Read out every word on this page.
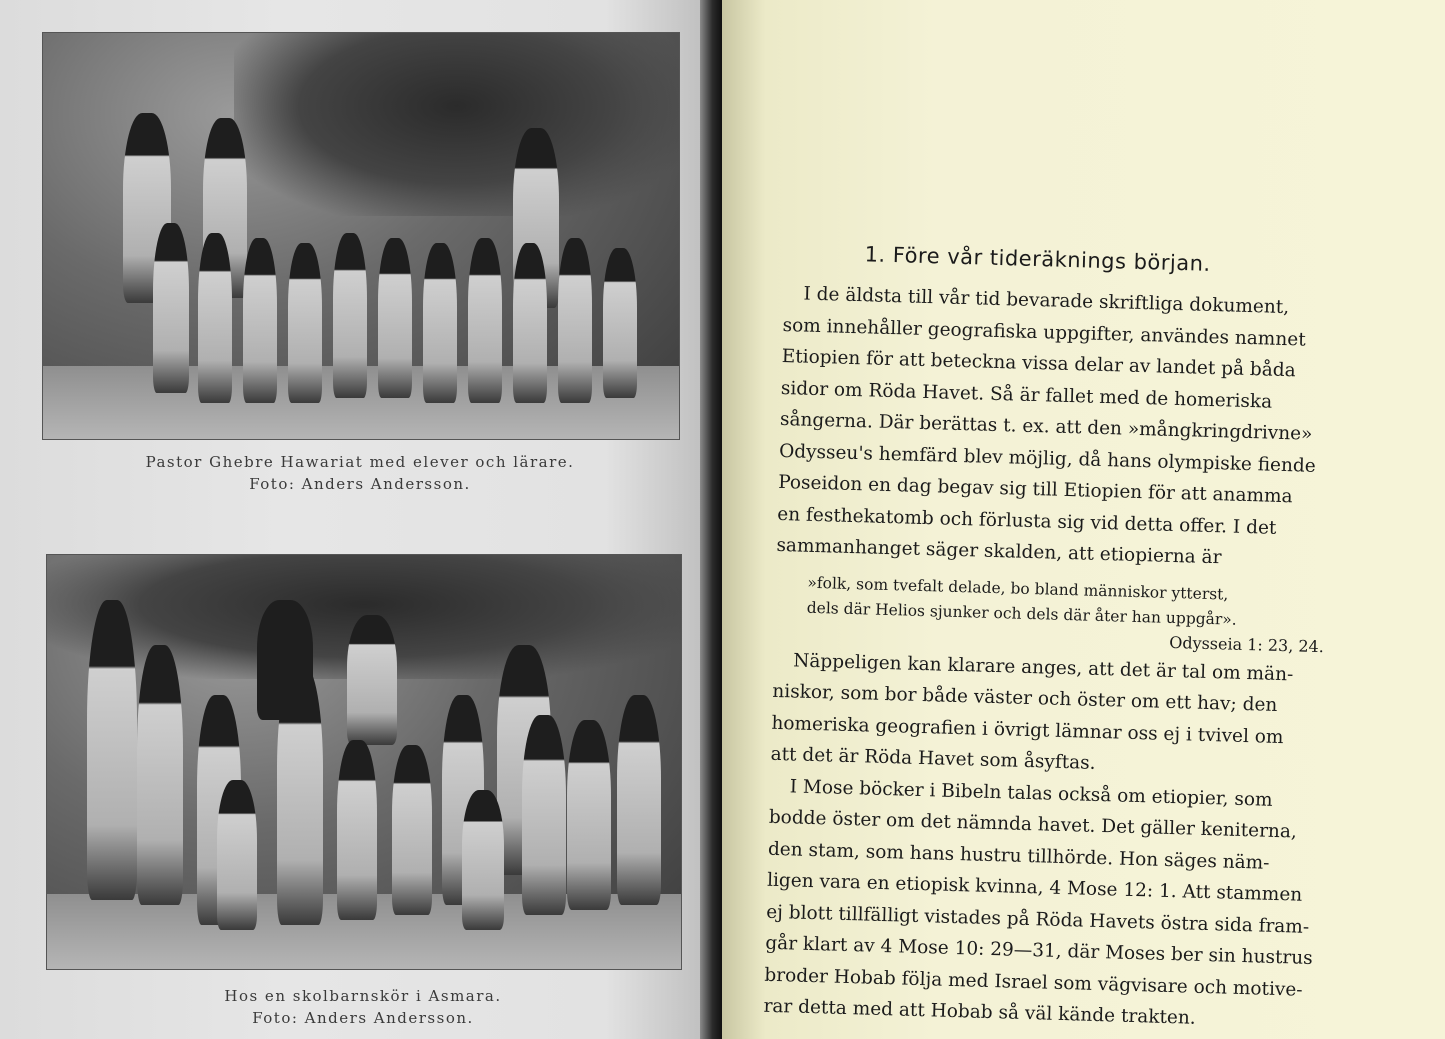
Pastor Ghebre Hawariat med elever och lärare.
Foto: Anders Andersson.
Hos en skolbarnskör i Asmara.
Foto: Anders Andersson.
1. Före vår tideräknings början.

I de äldsta till vår tid bevarade skriftliga dokument,
som innehåller geografiska uppgifter, användes namnet
Etiopien för att beteckna vissa delar av landet på båda
sidor om Röda Havet. Så är fallet med de homeriska
sångerna. Där berättas t. ex. att den »mångkringdrivne»
Odysseu's hemfärd blev möjlig, då hans olympiske fiende
Poseidon en dag begav sig till Etiopien för att anamma
en festhekatomb och förlusta sig vid detta offer. I det
sammanhanget säger skalden, att etiopierna är

»folk, som tvefalt delade, bo bland människor ytterst,
dels där Helios sjunker och dels där åter han uppgår».
Odysseia 1: 23, 24.

Näppeligen kan klarare anges, att det är tal om män-
niskor, som bor både väster och öster om ett hav; den
homeriska geografien i övrigt lämnar oss ej i tvivel om
att det är Röda Havet som åsyftas.

I Mose böcker i Bibeln talas också om etiopier, som
bodde öster om det nämnda havet. Det gäller keniterna,
den stam, som hans hustru tillhörde. Hon säges näm-
ligen vara en etiopisk kvinna, 4 Mose 12: 1. Att stammen
ej blott tillfälligt vistades på Röda Havets östra sida fram-
går klart av 4 Mose 10: 29—31, där Moses ber sin hustrus
broder Hobab följa med Israel som vägvisare och motive-
rar detta med att Hobab så väl kände trakten.
